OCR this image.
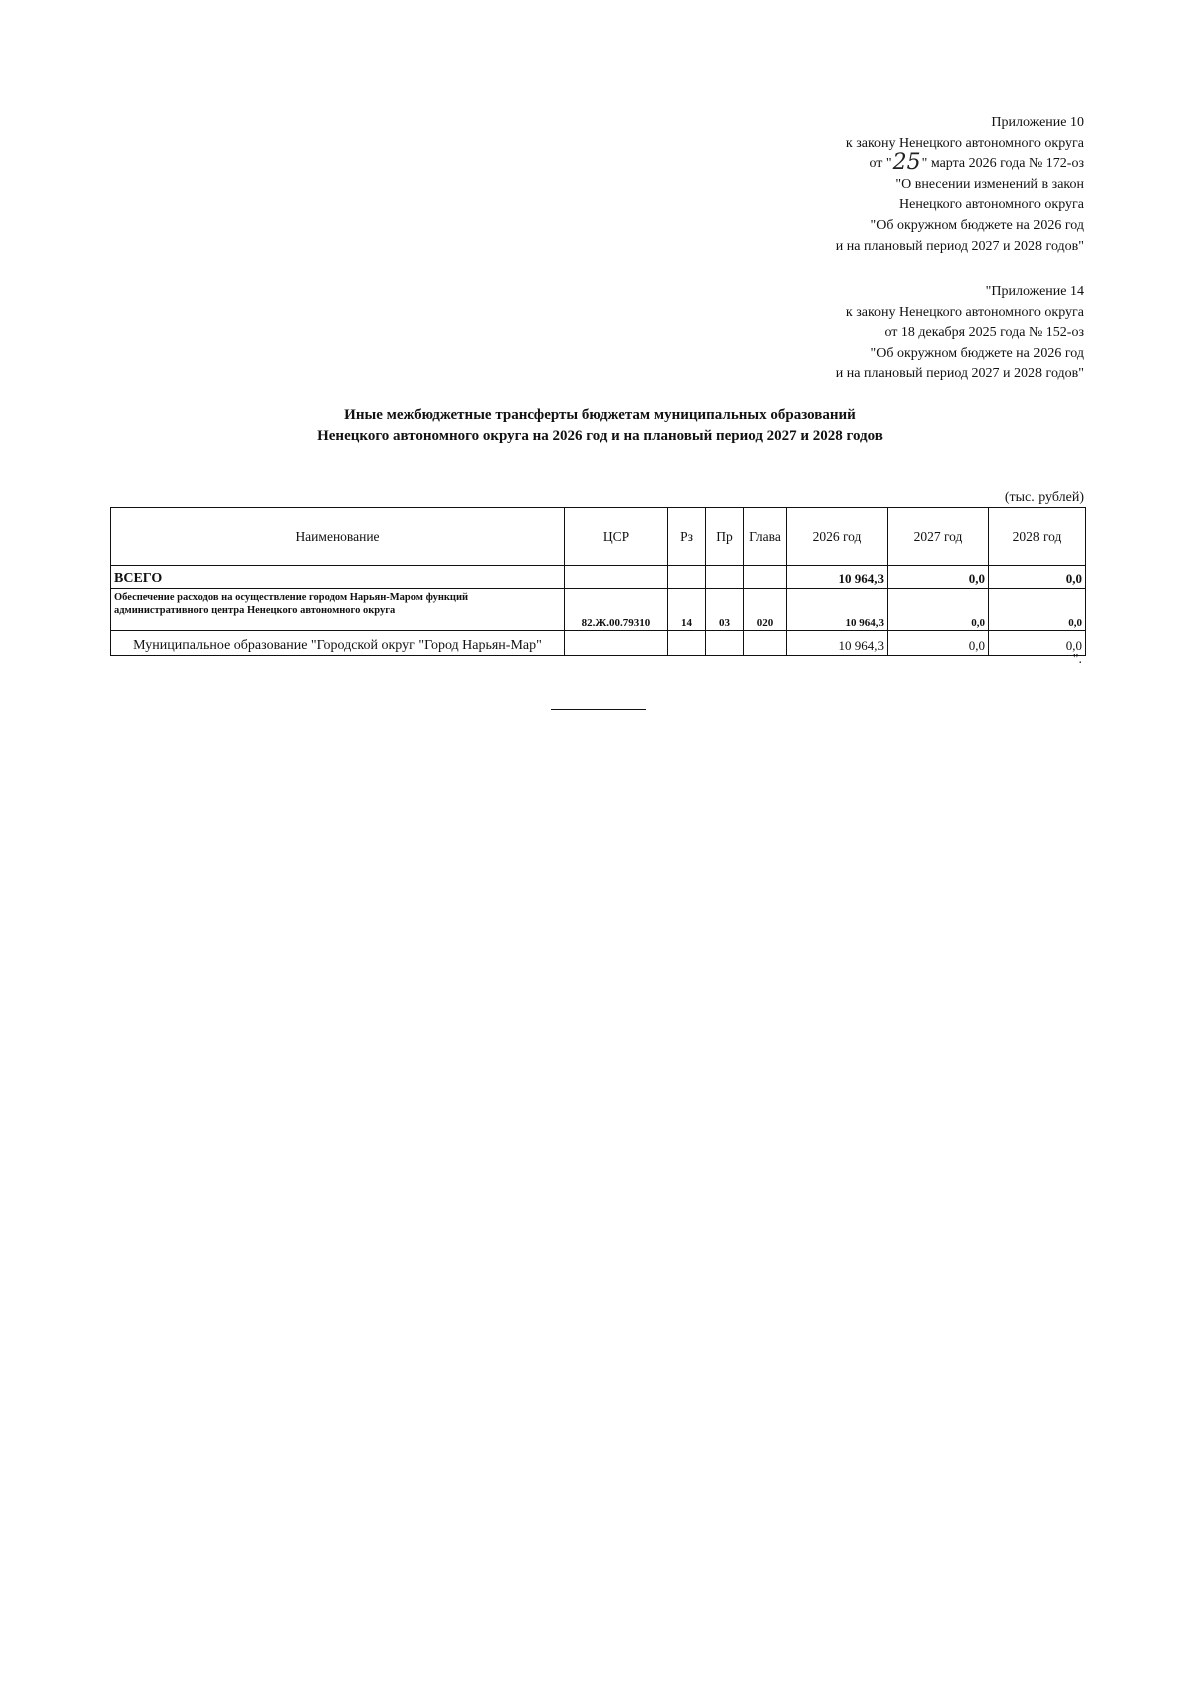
Приложение 10
к закону Ненецкого автономного округа
от "25" марта 2026 года № 172-оз
"О внесении изменений в закон
Ненецкого автономного округа
"Об окружном бюджете на 2026 год
и на плановый период 2027 и 2028 годов"
"Приложение 14
к закону Ненецкого автономного округа
от 18 декабря 2025 года № 152-оз
"Об окружном бюджете на 2026 год
и на плановый период 2027 и 2028 годов"
Иные межбюджетные трансферты бюджетам муниципальных образований
Ненецкого автономного округа на 2026 год и на плановый период 2027 и 2028 годов
(тыс. рублей)
Наименование	ЦСР	Рз	Пр	Глава	2026 год	2027 год	2028 год
ВСЕГО					10 964,3	0,0	0,0
Обеспечение расходов на осуществление городом Нарьян-Маром функций административного центра Ненецкого автономного округа	82.Ж.00.79310	14	03	020	10 964,3	0,0	0,0
Муниципальное образование "Городской округ "Город Нарьян-Мар"					10 964,3	0,0	0,0
".
